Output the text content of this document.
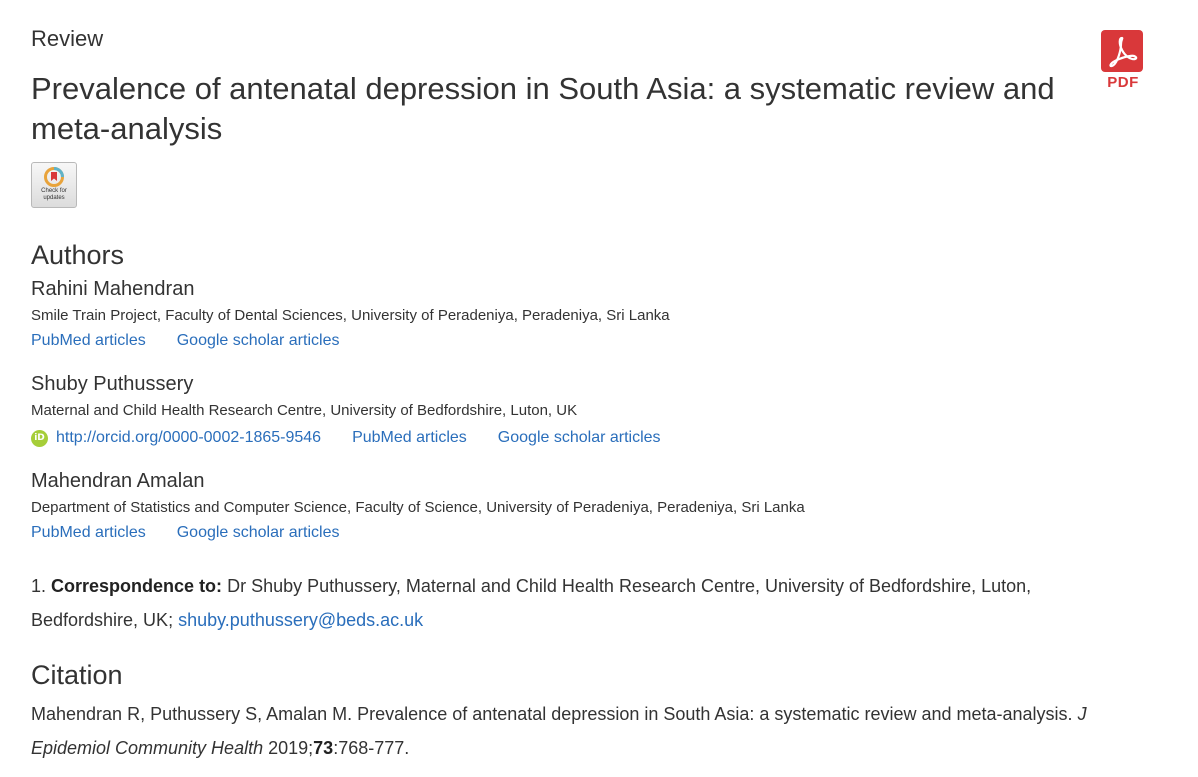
Review
Prevalence of antenatal depression in South Asia: a systematic review and meta-analysis
PDF
Check for
updates
Authors
Rahini Mahendran
Smile Train Project, Faculty of Dental Sciences, University of Peradeniya, Peradeniya, Sri Lanka
PubMed articles Google scholar articles
Shuby Puthussery
Maternal and Child Health Research Centre, University of Bedfordshire, Luton, UK
iD http://orcid.org/0000-0002-1865-9546 PubMed articles Google scholar articles
Mahendran Amalan
Department of Statistics and Computer Science, Faculty of Science, University of Peradeniya, Peradeniya, Sri Lanka
PubMed articles Google scholar articles
1. Correspondence to: Dr Shuby Puthussery, Maternal and Child Health Research Centre, University of Bedfordshire, Luton, Bedfordshire, UK; shuby.puthussery@beds.ac.uk
Citation
Mahendran R, Puthussery S, Amalan M. Prevalence of antenatal depression in South Asia: a systematic review and meta-analysis. J Epidemiol Community Health 2019;73:768-777.
